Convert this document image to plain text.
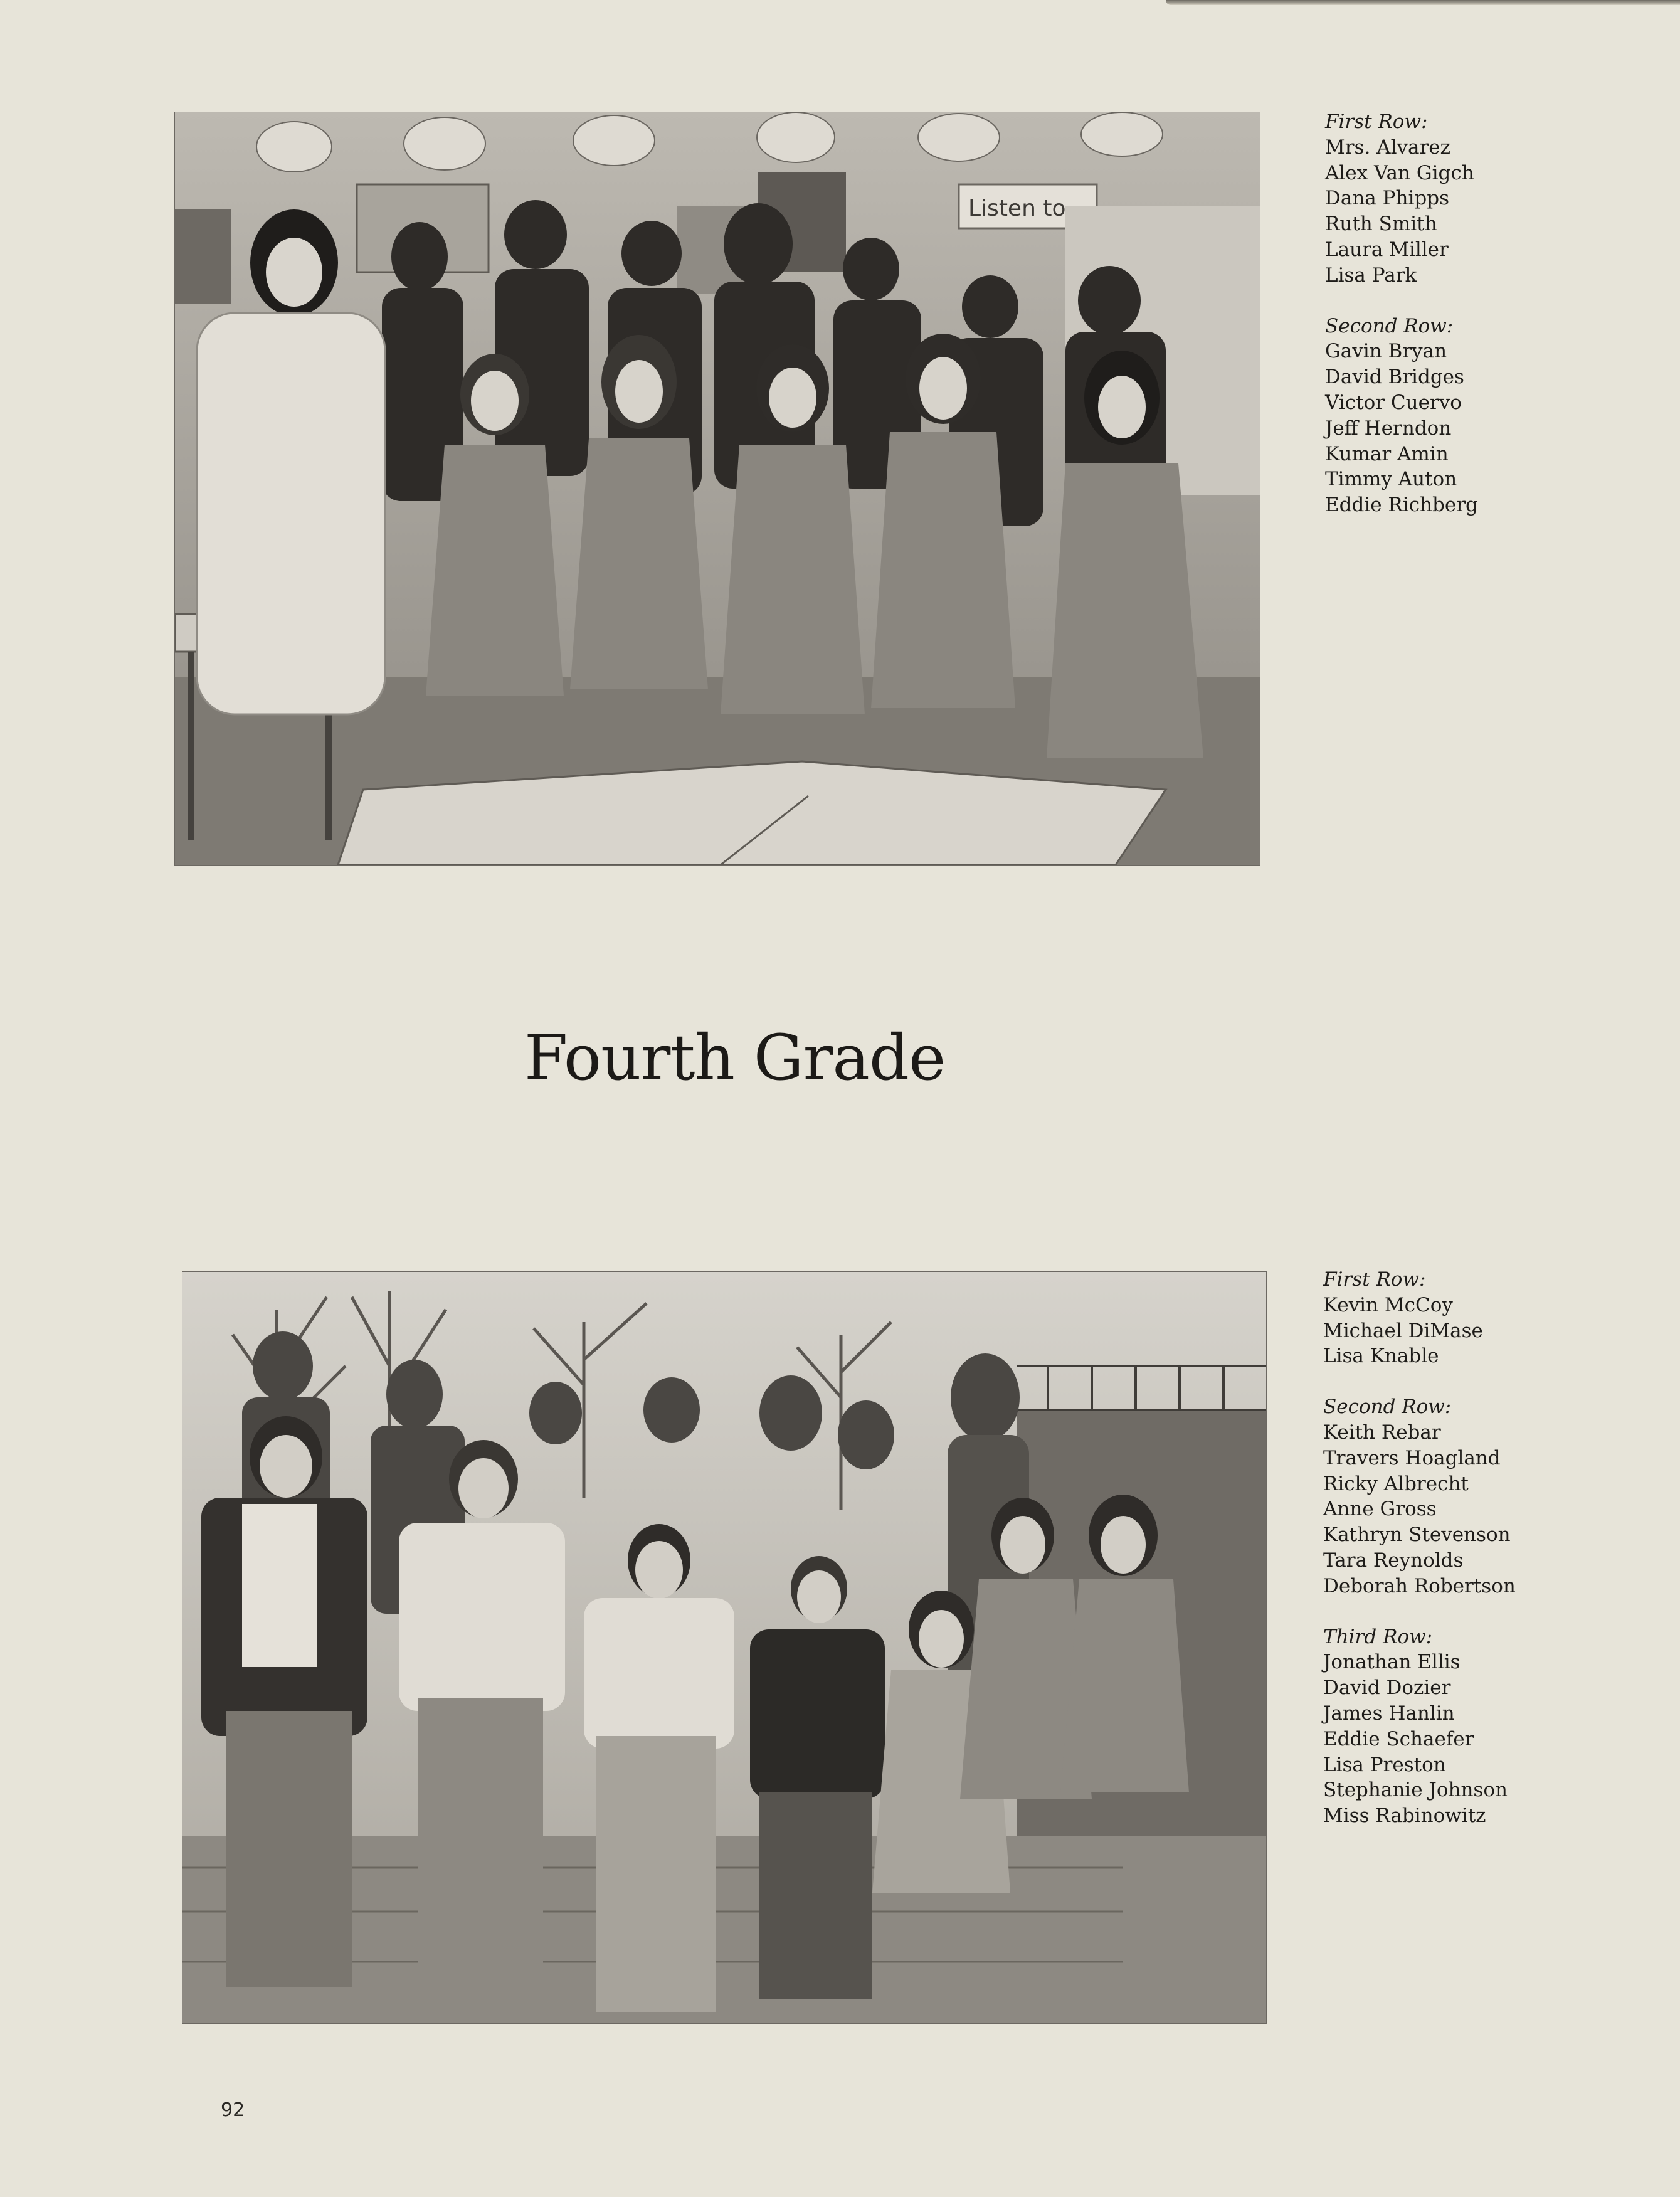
Listen to
First Row:
Mrs. Alvarez
Alex Van Gigch
Dana Phipps
Ruth Smith
Laura Miller
Lisa Park
Second Row:
Gavin Bryan
David Bridges
Victor Cuervo
Jeff Herndon
Kumar Amin
Timmy Auton
Eddie Richberg
Fourth Grade
First Row:
Kevin McCoy
Michael DiMase
Lisa Knable
Second Row:
Keith Rebar
Travers Hoagland
Ricky Albrecht
Anne Gross
Kathryn Stevenson
Tara Reynolds
Deborah Robertson
Third Row:
Jonathan Ellis
David Dozier
James Hanlin
Eddie Schaefer
Lisa Preston
Stephanie Johnson
Miss Rabinowitz
92
